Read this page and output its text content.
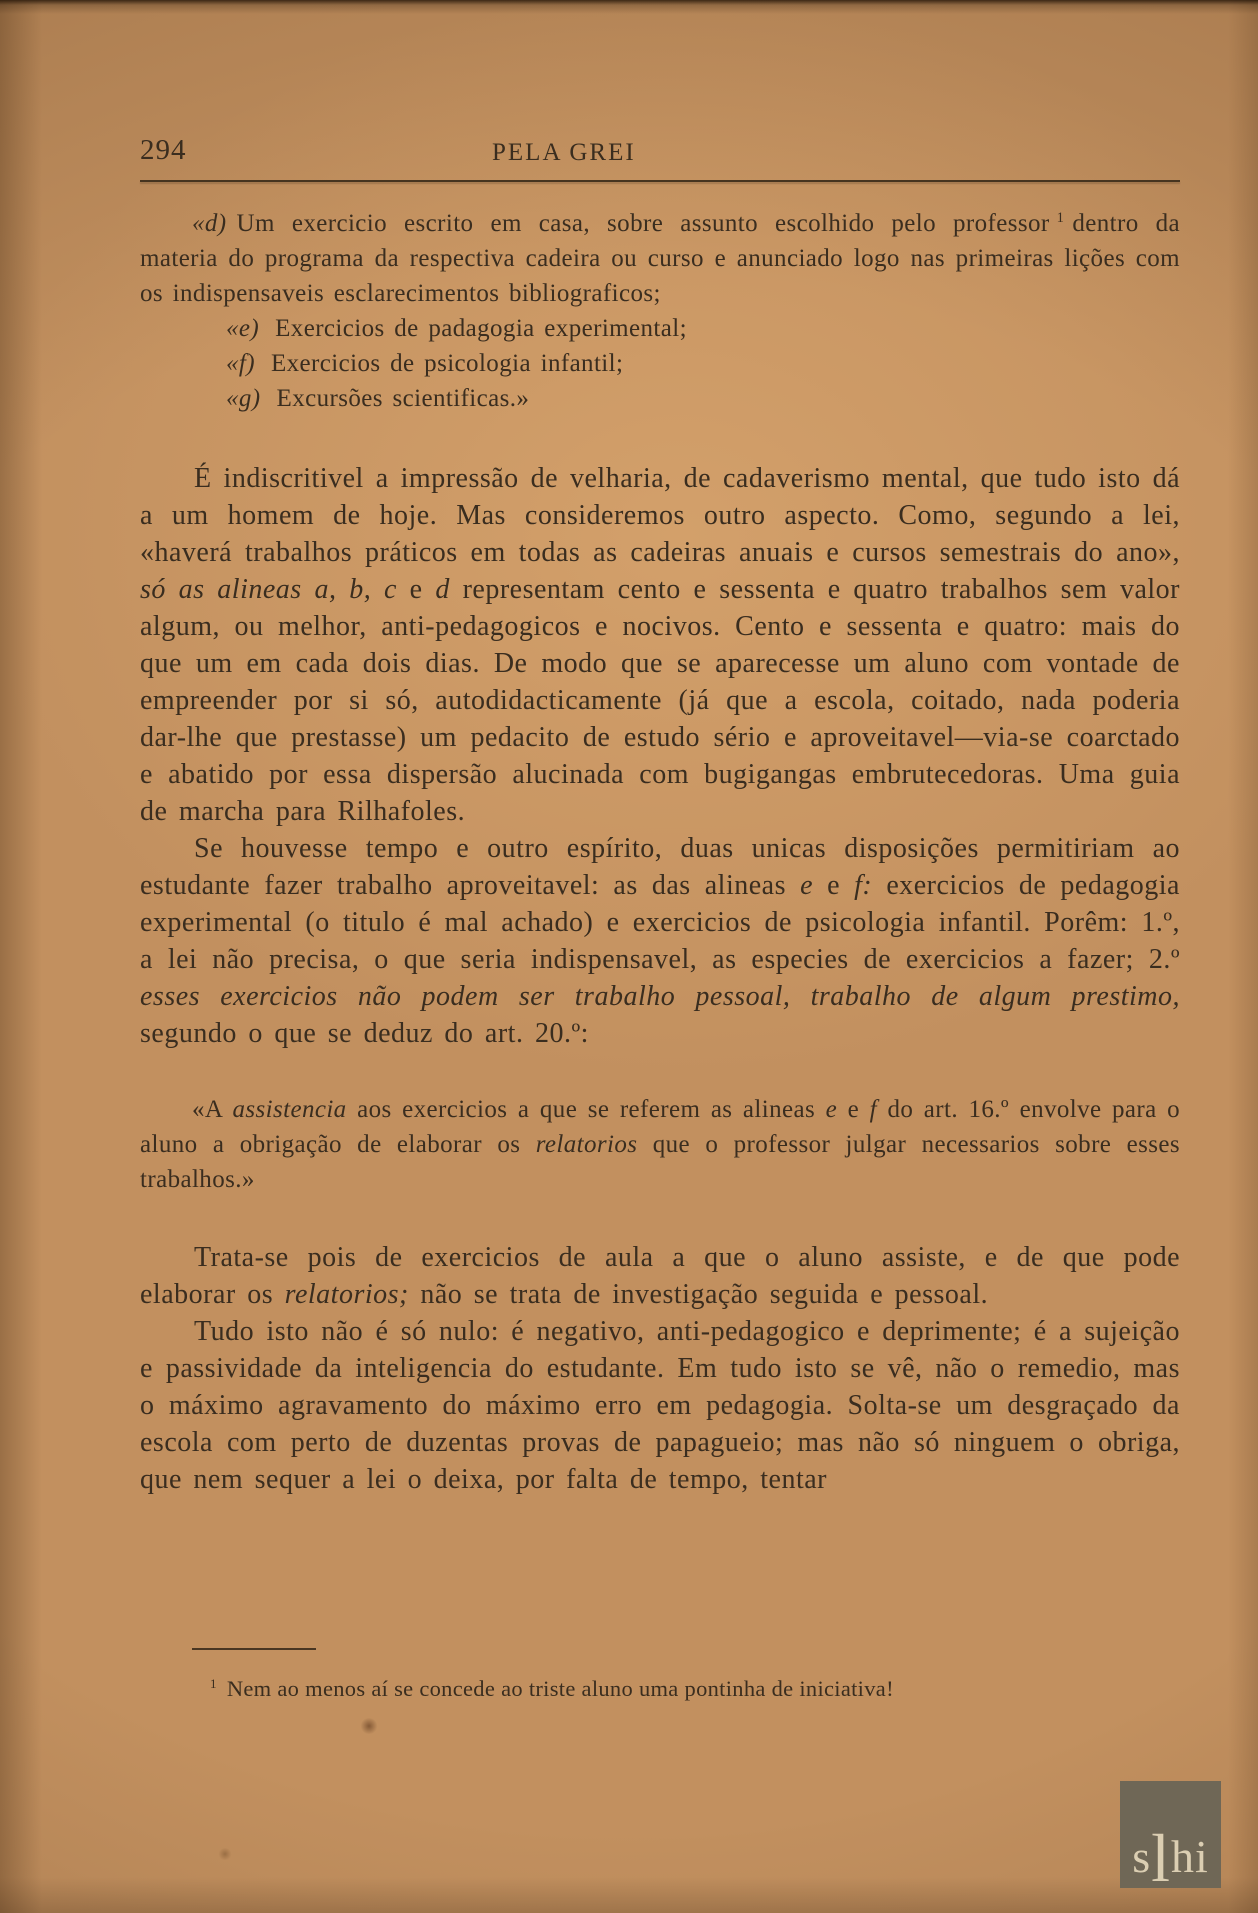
294	PELA GREI

«d) Um exercicio escrito em casa, sobre assunto escolhido pelo professor $^1$ dentro da materia do programa da respectiva cadeira ou curso e anunciado logo nas primeiras lições com os indispensaveis esclarecimentos bibliograficos;

«e) Exercicios de padagogia experimental;

«f) Exercicios de psicologia infantil;

«g) Excursões scientificas.»

É indiscritivel a impressão de velharia, de cadaverismo mental, que tudo isto dá a um homem de hoje. Mas consideremos outro aspecto. Como, segundo a lei, «haverá trabalhos práticos em todas as cadeiras anuais e cursos semestrais do ano», só as alineas a, b, c e d representam cento e sessenta e quatro trabalhos sem valor algum, ou melhor, anti-pedagogicos e nocivos. Cento e sessenta e quatro: mais do que um em cada dois dias. De modo que se aparecesse um aluno com vontade de empreender por si só, autodidacticamente (já que a escola, coitado, nada poderia dar-lhe que prestasse) um pedacito de estudo sério e aproveitavel—via-se coarctado e abatido por essa dispersão alucinada com bugigangas embrutecedoras. Uma guia de marcha para Rilhafoles.

Se houvesse tempo e outro espírito, duas unicas disposições permitiriam ao estudante fazer trabalho aproveitavel: as das alineas e e f: exercicios de pedagogia experimental (o titulo é mal achado) e exercicios de psicologia infantil. Porêm: 1.º, a lei não precisa, o que seria indispensavel, as especies de exercicios a fazer; 2.º esses exercicios não podem ser trabalho pessoal, trabalho de algum prestimo, segundo o que se deduz do art. 20.º:

«A assistencia aos exercicios a que se referem as alineas e e f do art. 16.º envolve para o aluno a obrigação de elaborar os relatorios que o professor julgar necessarios sobre esses trabalhos.»

Trata-se pois de exercicios de aula a que o aluno assiste, e de que pode elaborar os relatorios; não se trata de investigação seguida e pessoal.

Tudo isto não é só nulo: é negativo, anti-pedagogico e deprimente; é a sujeição e passividade da inteligencia do estudante. Em tudo isto se vê, não o remedio, mas o máximo agravamento do máximo erro em pedagogia. Solta-se um desgraçado da escola com perto de duzentas provas de papagueio; mas não só ninguem o obriga, que nem sequer a lei o deixa, por falta de tempo, tentar

$^1$ Nem ao menos aí se concede ao triste aluno uma pontinha de iniciativa!

s l h i
